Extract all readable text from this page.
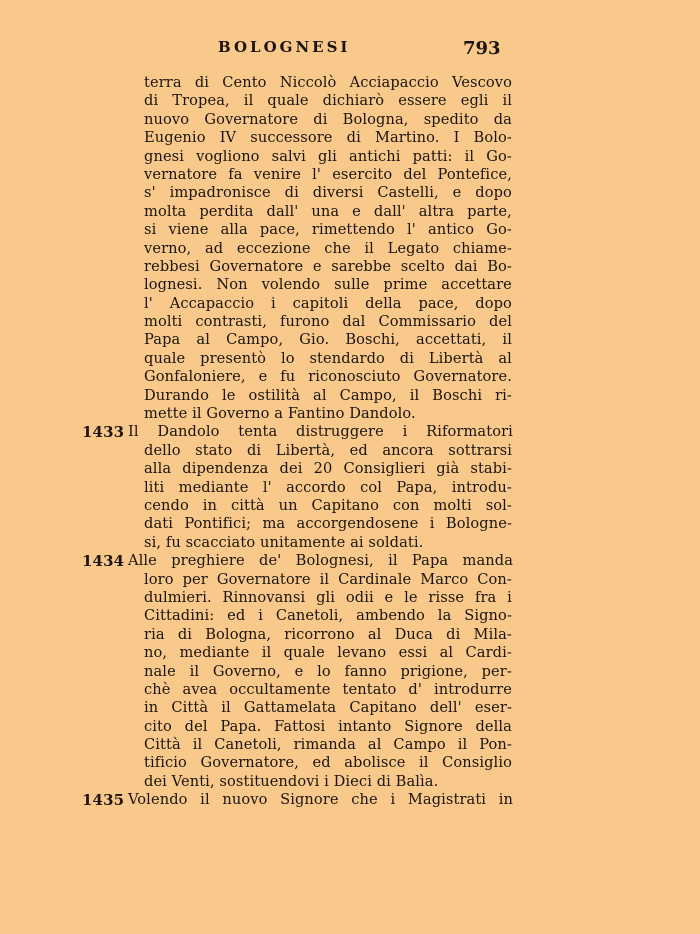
BOLOGNESI	793
terra di Cento Niccolò Acciapaccio Vescovo
di Tropea, il quale dichiarò essere egli il
nuovo Governatore di Bologna, spedito da
Eugenio IV successore di Martino. I Bolo-
gnesi vogliono salvi gli antichi patti: il Go-
vernatore fa venire l' esercito del Pontefice,
s' impadronisce di diversi Castelli, e dopo
molta perdita dall' una e dall' altra parte,
si viene alla pace, rimettendo l' antico Go-
verno, ad eccezione che il Legato chiame-
rebbesi Governatore e sarebbe scelto dai Bo-
lognesi. Non volendo sulle prime accettare
l' Accapaccio i capitoli della pace, dopo
molti contrasti, furono dal Commissario del
Papa al Campo, Gio. Boschi, accettati, il
quale presentò lo stendardo di Libertà al
Gonfaloniere, e fu riconosciuto Governatore.
Durando le ostilità al Campo, il Boschi ri-
mette il Governo a Fantino Dandolo.
1433 Il Dandolo tenta distruggere i Riformatori
dello stato di Libertà, ed ancora sottrarsi
alla dipendenza dei 20 Consiglieri già stabi-
liti mediante l' accordo col Papa, introdu-
cendo in città un Capitano con molti sol-
dati Pontifici; ma accorgendosene i Bologne-
si, fu scacciato unitamente ai soldati.
1434 Alle preghiere de' Bolognesi, il Papa manda
loro per Governatore il Cardinale Marco Con-
dulmieri. Rinnovansi gli odii e le risse fra i
Cittadini: ed i Canetoli, ambendo la Signo-
ria di Bologna, ricorrono al Duca di Mila-
no, mediante il quale levano essi al Cardi-
nale il Governo, e lo fanno prigione, per-
chè avea occultamente tentato d' introdurre
in Città il Gattamelata Capitano dell' eser-
cito del Papa. Fattosi intanto Signore della
Città il Canetoli, rimanda al Campo il Pon-
tificio Governatore, ed abolisce il Consiglio
dei Venti, sostituendovi i Dieci di Balìa.
1435 Volendo il nuovo Signore che i Magistrati in
